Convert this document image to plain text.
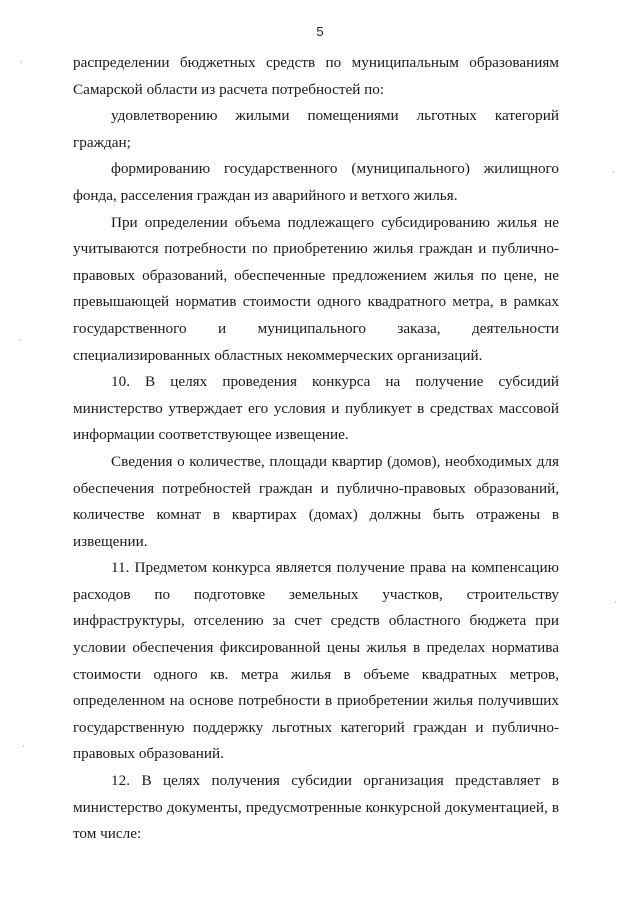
5

распределении бюджетных средств по муниципальным образованиям Самарской области из расчета потребностей по:

удовлетворению жилыми помещениями льготных категорий граждан;

формированию государственного (муниципального) жилищного фонда, расселения граждан из аварийного и ветхого жилья.

При определении объема подлежащего субсидированию жилья не учитываются потребности по приобретению жилья граждан и публично-правовых образований, обеспеченные предложением жилья по цене, не превышающей норматив стоимости одного квадратного метра, в рамках государственного и муниципального заказа, деятельности специализированных областных некоммерческих организаций.

10. В целях проведения конкурса на получение субсидий министерство утверждает его условия и публикует в средствах массовой информации соответствующее извещение.

Сведения о количестве, площади квартир (домов), необходимых для обеспечения потребностей граждан и публично-правовых образований, количестве комнат в квартирах (домах) должны быть отражены в извещении.

11. Предметом конкурса является получение права на компенсацию расходов по подготовке земельных участков, строительству инфраструктуры, отселению за счет средств областного бюджета при условии обеспечения фиксированной цены жилья в пределах норматива стоимости одного кв. метра жилья в объеме квадратных метров, определенном на основе потребности в приобретении жилья получивших государственную поддержку льготных категорий граждан и публично-правовых образований.

12. В целях получения субсидии организация представляет в министерство документы, предусмотренные конкурсной документацией, в том числе:

·
·
·
·
·
